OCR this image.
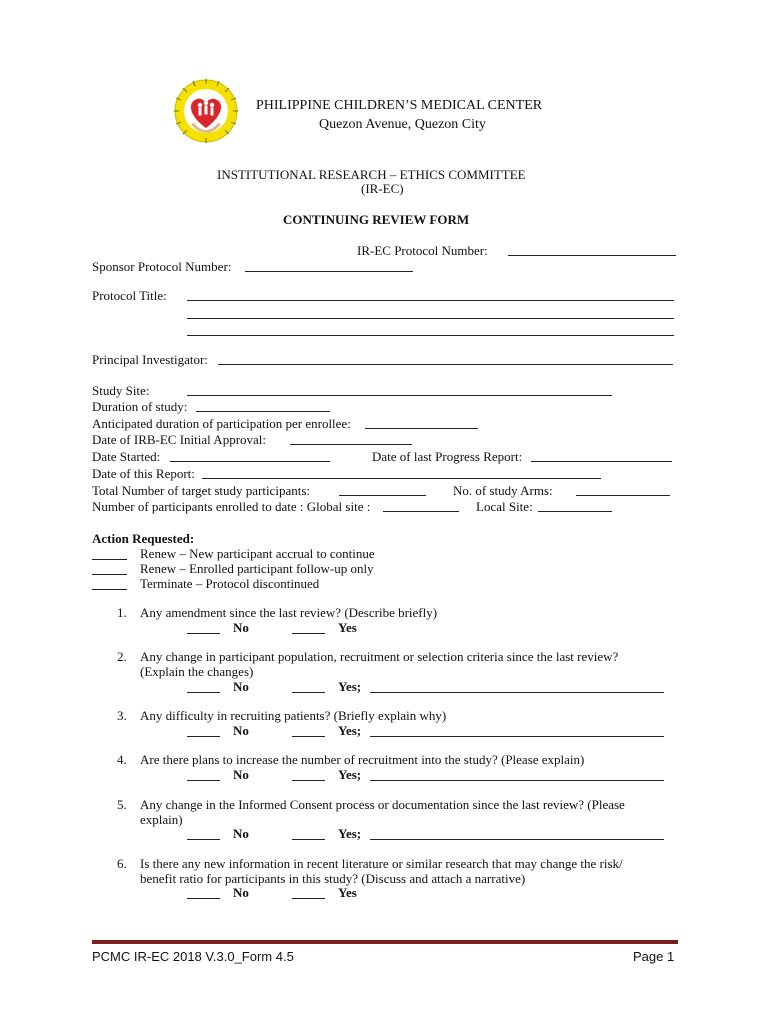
PHILIPPINE CHILDREN’S MEDICAL CENTER
Quezon Avenue, Quezon City
INSTITUTIONAL RESEARCH – ETHICS COMMITTEE
(IR-EC)
CONTINUING REVIEW FORM
IR-EC Protocol Number:
Sponsor Protocol Number:
Protocol Title:
Principal Investigator:
Study Site:
Duration of study:
Anticipated duration of participation per enrollee:
Date of IRB-EC Initial Approval:
Date Started:	Date of last Progress Report:
Date of this Report:
Total Number of target study participants:	No. of study Arms:
Number of participants enrolled to date : Global site :	Local Site:
Action Requested:
Renew – New participant accrual to continue
Renew – Enrolled participant follow-up only
Terminate – Protocol discontinued
1. Any amendment since the last review? (Describe briefly)
No	Yes
2. Any change in participant population, recruitment or selection criteria since the last review?
(Explain the changes)
No	Yes;
3. Any difficulty in recruiting patients? (Briefly explain why)
No	Yes;
4. Are there plans to increase the number of recruitment into the study? (Please explain)
No	Yes;
5. Any change in the Informed Consent process or documentation since the last review? (Please
explain)
No	Yes;
6. Is there any new information in recent literature or similar research that may change the risk/
benefit ratio for participants in this study? (Discuss and attach a narrative)
No	Yes
PCMC IR-EC 2018 V.3.0_Form 4.5	Page 1
